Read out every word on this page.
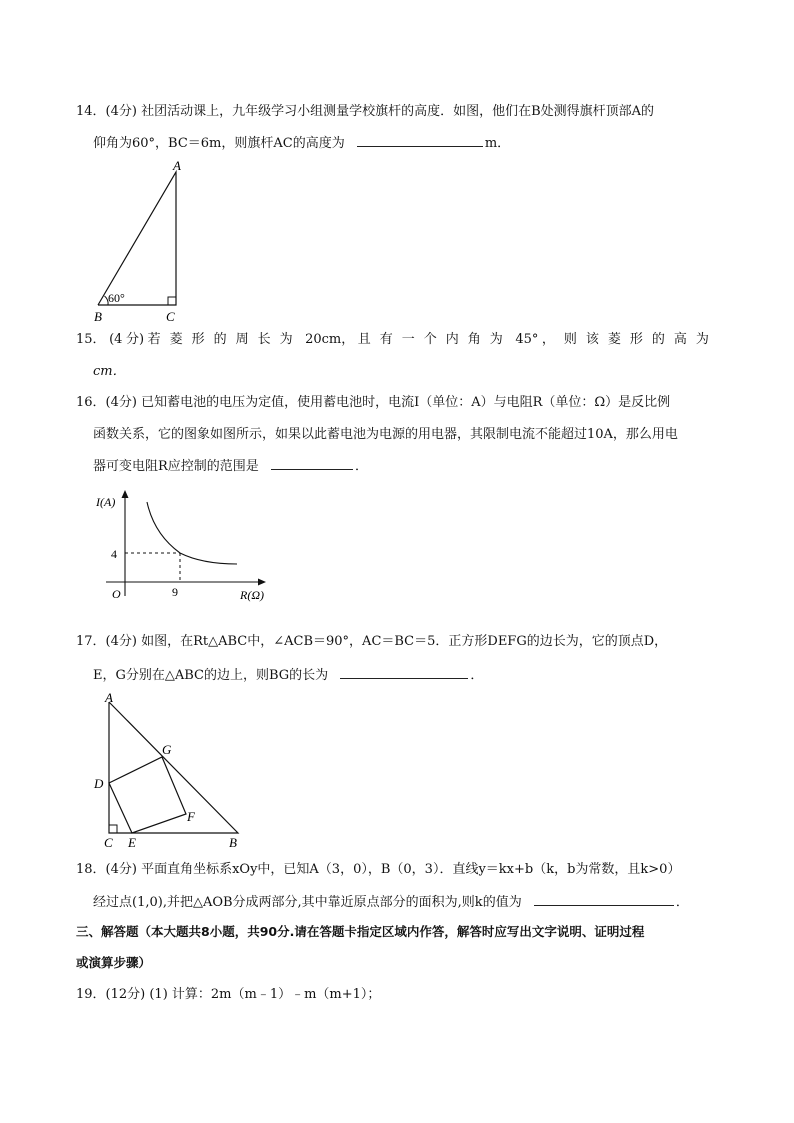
14．(4分) 社团活动课上，九年级学习小组测量学校旗杆的高度．如图，他们在B处测得旗杆顶部A的
仰角为60°，BC＝6m，则旗杆AC的高度为	m．
A
B	C
60°
15． (4 分) 若菱形的周长为 20cm， 且有一个内角为 45° ，则该菱形的高为
cm．
16．(4分) 已知蓄电池的电压为定值，使用蓄电池时，电流I（单位：A）与电阻R（单位：Ω）是反比例
函数关系，它的图象如图所示，如果以此蓄电池为电源的用电器，其限制电流不能超过10A，那么用电
器可变电阻R应控制的范围是	．
I(A)
R(Ω)
O
4
9
17．(4分) 如图，在Rt△ABC中，∠ACB＝90°，AC＝BC＝5．正方形DEFG的边长为，它的顶点D，
E，G分别在△ABC的边上，则BG的长为	．
A
B
C
D
E
F
G
18．(4分) 平面直角坐标系xOy中，已知A（3，0），B（0，3）．直线y＝kx+b（k，b为常数，且k>0）
经过点(1,0),并把△AOB分成两部分,其中靠近原点部分的面积为,则k的值为	．
三、解答题（本大题共8小题，共90分.请在答题卡指定区域内作答，解答时应写出文字说明、证明过程
或演算步骤）
19．(12分) (1) 计算：2m（m﹣1）﹣m（m+1）；
